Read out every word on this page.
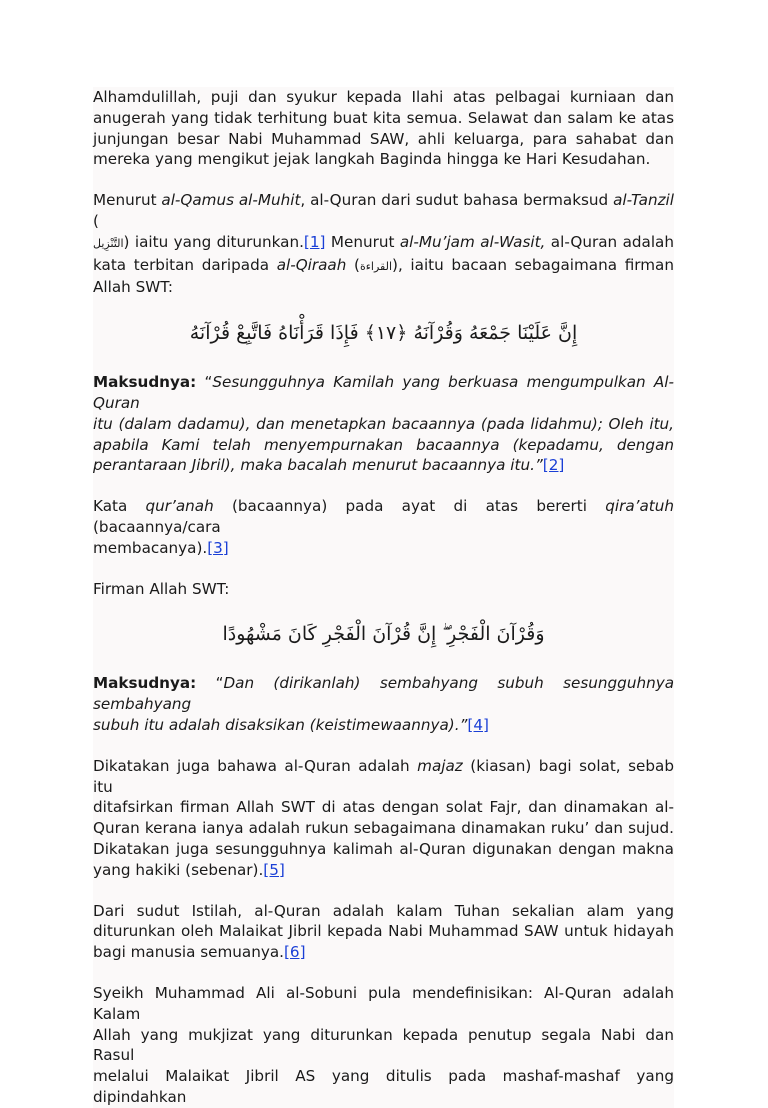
Alhamdulillah, puji dan syukur kepada Ilahi atas pelbagai kurniaan dan
anugerah yang tidak terhitung buat kita semua. Selawat dan salam ke atas
junjungan besar Nabi Muhammad SAW, ahli keluarga, para sahabat dan
mereka yang mengikut jejak langkah Baginda hingga ke Hari Kesudahan.

Menurut al-Qamus al-Muhit, al-Quran dari sudut bahasa bermaksud al-Tanzil (
التَّنْزِيل) iaitu yang diturunkan.[1] Menurut al-Mu’jam al-Wasit, al-Quran adalah
kata terbitan daripada al-Qiraah (القراءة), iaitu bacaan sebagaimana firman
Allah SWT:

إِنَّ عَلَيْنَا جَمْعَهُ وَقُرْآنَهُ ﴿١٧﴾ فَإِذَا قَرَأْنَاهُ فَاتَّبِعْ قُرْآنَهُ

Maksudnya: “Sesungguhnya Kamilah yang berkuasa mengumpulkan Al-Quran
itu (dalam dadamu), dan menetapkan bacaannya (pada lidahmu); Oleh itu,
apabila Kami telah menyempurnakan bacaannya (kepadamu, dengan
perantaraan Jibril), maka bacalah menurut bacaannya itu.”[2]

Kata qur’anah (bacaannya) pada ayat di atas bererti qira’atuh (bacaannya/cara
membacanya).[3]

Firman Allah SWT:

وَقُرْآنَ الْفَجْرِ ۖ إِنَّ قُرْآنَ الْفَجْرِ كَانَ مَشْهُودًا

Maksudnya: “Dan (dirikanlah) sembahyang subuh sesungguhnya sembahyang
subuh itu adalah disaksikan (keistimewaannya).”[4]

Dikatakan juga bahawa al-Quran adalah majaz (kiasan) bagi solat, sebab itu
ditafsirkan firman Allah SWT di atas dengan solat Fajr, dan dinamakan al-
Quran kerana ianya adalah rukun sebagaimana dinamakan ruku’ dan sujud.
Dikatakan juga sesungguhnya kalimah al-Quran digunakan dengan makna
yang hakiki (sebenar).[5]

Dari sudut Istilah, al-Quran adalah kalam Tuhan sekalian alam yang
diturunkan oleh Malaikat Jibril kepada Nabi Muhammad SAW untuk hidayah
bagi manusia semuanya.[6]

Syeikh Muhammad Ali al-Sobuni pula mendefinisikan: Al-Quran adalah Kalam
Allah yang mukjizat yang diturunkan kepada penutup segala Nabi dan Rasul
melalui Malaikat Jibril AS yang ditulis pada mashaf-mashaf yang dipindahkan
